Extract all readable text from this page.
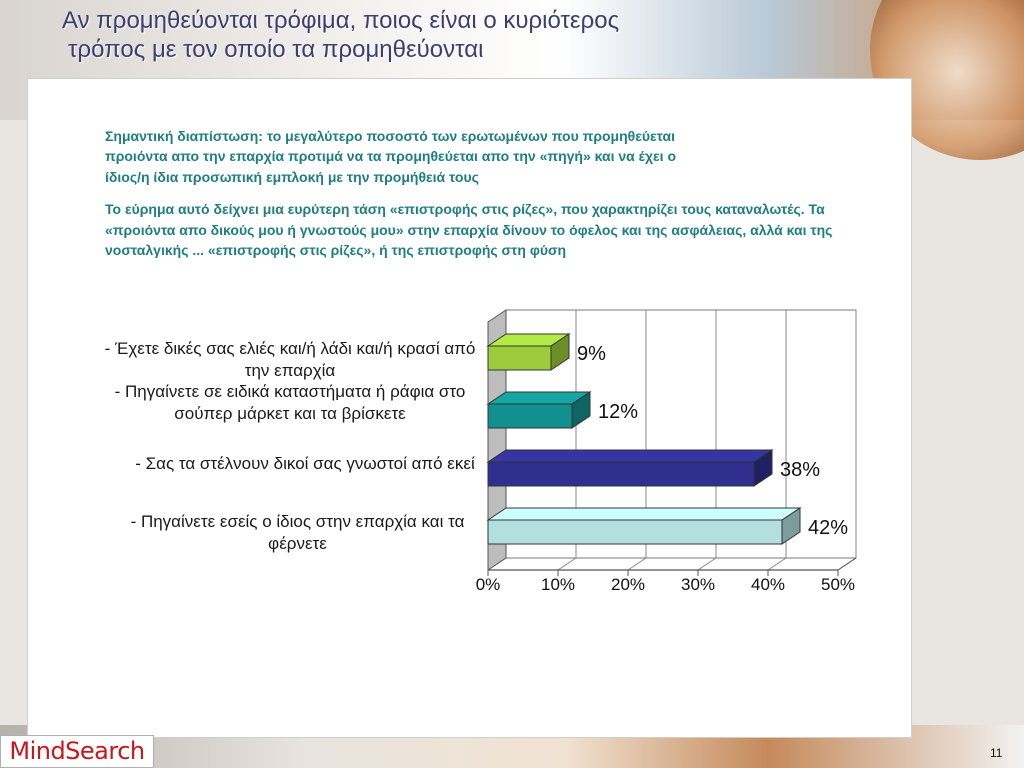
Αν προμηθεύονται τρόφιμα, ποιος είναι ο κυριότερος
τρόπος με τον οποίο τα προμηθεύονται

Σημαντική διαπίστωση: το μεγαλύτερο ποσοστό των ερωτωμένων που προμηθεύεται προιόντα απο την επαρχία προτιμά να τα προμηθεύεται απο την «πηγή» και να έχει ο ίδιος/η ίδια προσωπική εμπλοκή με την προμήθειά τους

Το εύρημα αυτό δείχνει μια ευρύτερη τάση «επιστροφής στις ρίζες», που χαρακτηρίζει τους καταναλωτές. Τα «προιόντα απο δικούς μου ή γνωστούς μου» στην επαρχία δίνουν το όφελος και της ασφάλειας, αλλά και της νοσταλγικής ... «επιστροφής στις ρίζες», ή της επιστροφής στη φύση

- Έχετε δικές σας ελιές και/ή λάδι και/ή κρασί από την επαρχία
- Πηγαίνετε σε ειδικά καταστήματα ή ράφια στο σούπερ μάρκετ και τα βρίσκετε
- Σας τα στέλνουν δικοί σας γνωστοί από εκεί
- Πηγαίνετε εσείς ο ίδιος στην επαρχία και τα φέρνετε
0% 10% 20% 30% 40% 50%
9%
12%
38%
42%
MindSearch	11
